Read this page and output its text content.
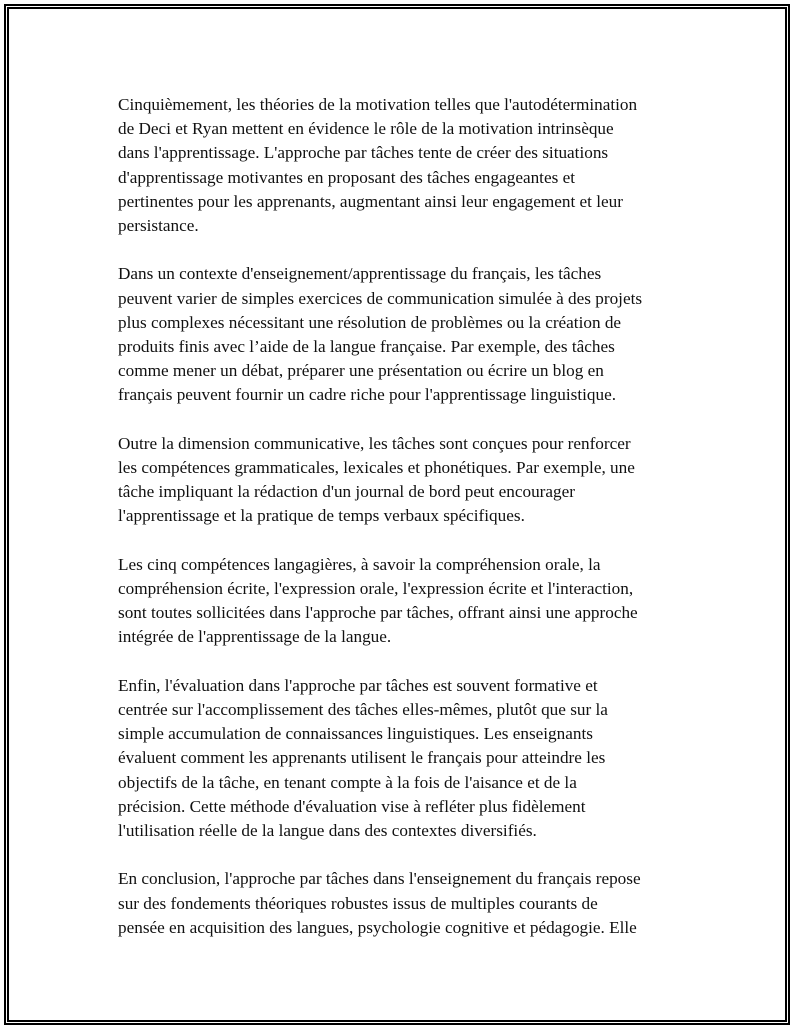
Cinquièmement, les théories de la motivation telles que l'autodétermination
de Deci et Ryan mettent en évidence le rôle de la motivation intrinsèque
dans l'apprentissage. L'approche par tâches tente de créer des situations
d'apprentissage motivantes en proposant des tâches engageantes et
pertinentes pour les apprenants, augmentant ainsi leur engagement et leur
persistance.

Dans un contexte d'enseignement/apprentissage du français, les tâches
peuvent varier de simples exercices de communication simulée à des projets
plus complexes nécessitant une résolution de problèmes ou la création de
produits finis avec l’aide de la langue française. Par exemple, des tâches
comme mener un débat, préparer une présentation ou écrire un blog en
français peuvent fournir un cadre riche pour l'apprentissage linguistique.

Outre la dimension communicative, les tâches sont conçues pour renforcer
les compétences grammaticales, lexicales et phonétiques. Par exemple, une
tâche impliquant la rédaction d'un journal de bord peut encourager
l'apprentissage et la pratique de temps verbaux spécifiques.

Les cinq compétences langagières, à savoir la compréhension orale, la
compréhension écrite, l'expression orale, l'expression écrite et l'interaction,
sont toutes sollicitées dans l'approche par tâches, offrant ainsi une approche
intégrée de l'apprentissage de la langue.

Enfin, l'évaluation dans l'approche par tâches est souvent formative et
centrée sur l'accomplissement des tâches elles-mêmes, plutôt que sur la
simple accumulation de connaissances linguistiques. Les enseignants
évaluent comment les apprenants utilisent le français pour atteindre les
objectifs de la tâche, en tenant compte à la fois de l'aisance et de la
précision. Cette méthode d'évaluation vise à refléter plus fidèlement
l'utilisation réelle de la langue dans des contextes diversifiés.

En conclusion, l'approche par tâches dans l'enseignement du français repose
sur des fondements théoriques robustes issus de multiples courants de
pensée en acquisition des langues, psychologie cognitive et pédagogie. Elle
